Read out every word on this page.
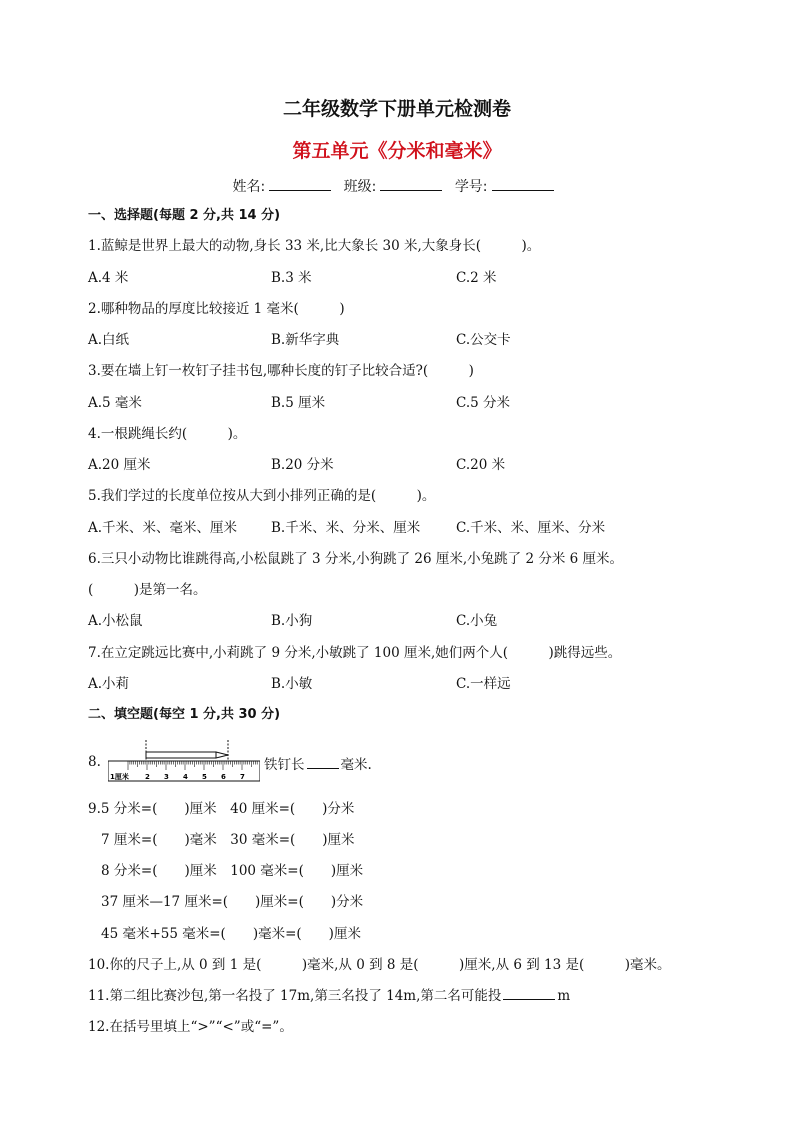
二年级数学下册单元检测卷
第五单元《分米和毫米》
姓名:	班级:	学号:
一、选择题(每题 2 分,共 14 分)
1.蓝鲸是世界上最大的动物,身长 33 米,比大象长 30 米,大象身长(　　　)。
A.4 米	B.3 米	C.2 米
2.哪种物品的厚度比较接近 1 毫米(　　　)
A.白纸	B.新华字典	C.公交卡
3.要在墙上钉一枚钉子挂书包,哪种长度的钉子比较合适?(　　　)
A.5 毫米	B.5 厘米	C.5 分米
4.一根跳绳长约(　　　)。
A.20 厘米	B.20 分米	C.20 米
5.我们学过的长度单位按从大到小排列正确的是(　　　)。
A.千米、米、毫米、厘米	B.千米、米、分米、厘米	C.千米、米、厘米、分米
6.三只小动物比谁跳得高,小松鼠跳了 3 分米,小狗跳了 26 厘米,小兔跳了 2 分米 6 厘米。
(　　　)是第一名。
A.小松鼠	B.小狗	C.小兔
7.在立定跳远比赛中,小莉跳了 9 分米,小敏跳了 100 厘米,她们两个人(　　　)跳得远些。
A.小莉	B.小敏	C.一样远
二、填空题(每空 1 分,共 30 分)
8.
1厘米 2 3 4 5 6 7
铁钉长	毫米.
9.5 分米=(　　)厘米　40 厘米=(　　)分米
7 厘米=(　　)毫米　30 毫米=(　　)厘米
8 分米=(　　)厘米　100 毫米=(　　)厘米
37 厘米—17 厘米=(　　)厘米=(　　)分米
45 毫米+55 毫米=(　　)毫米=(　　)厘米
10.你的尺子上,从 0 到 1 是(　　　)毫米,从 0 到 8 是(　　　)厘米,从 6 到 13 是(　　　)毫米。
11.第二组比赛沙包,第一名投了 17m,第三名投了 14m,第二名可能投	m
12.在括号里填上“>”“<”或“=”。
